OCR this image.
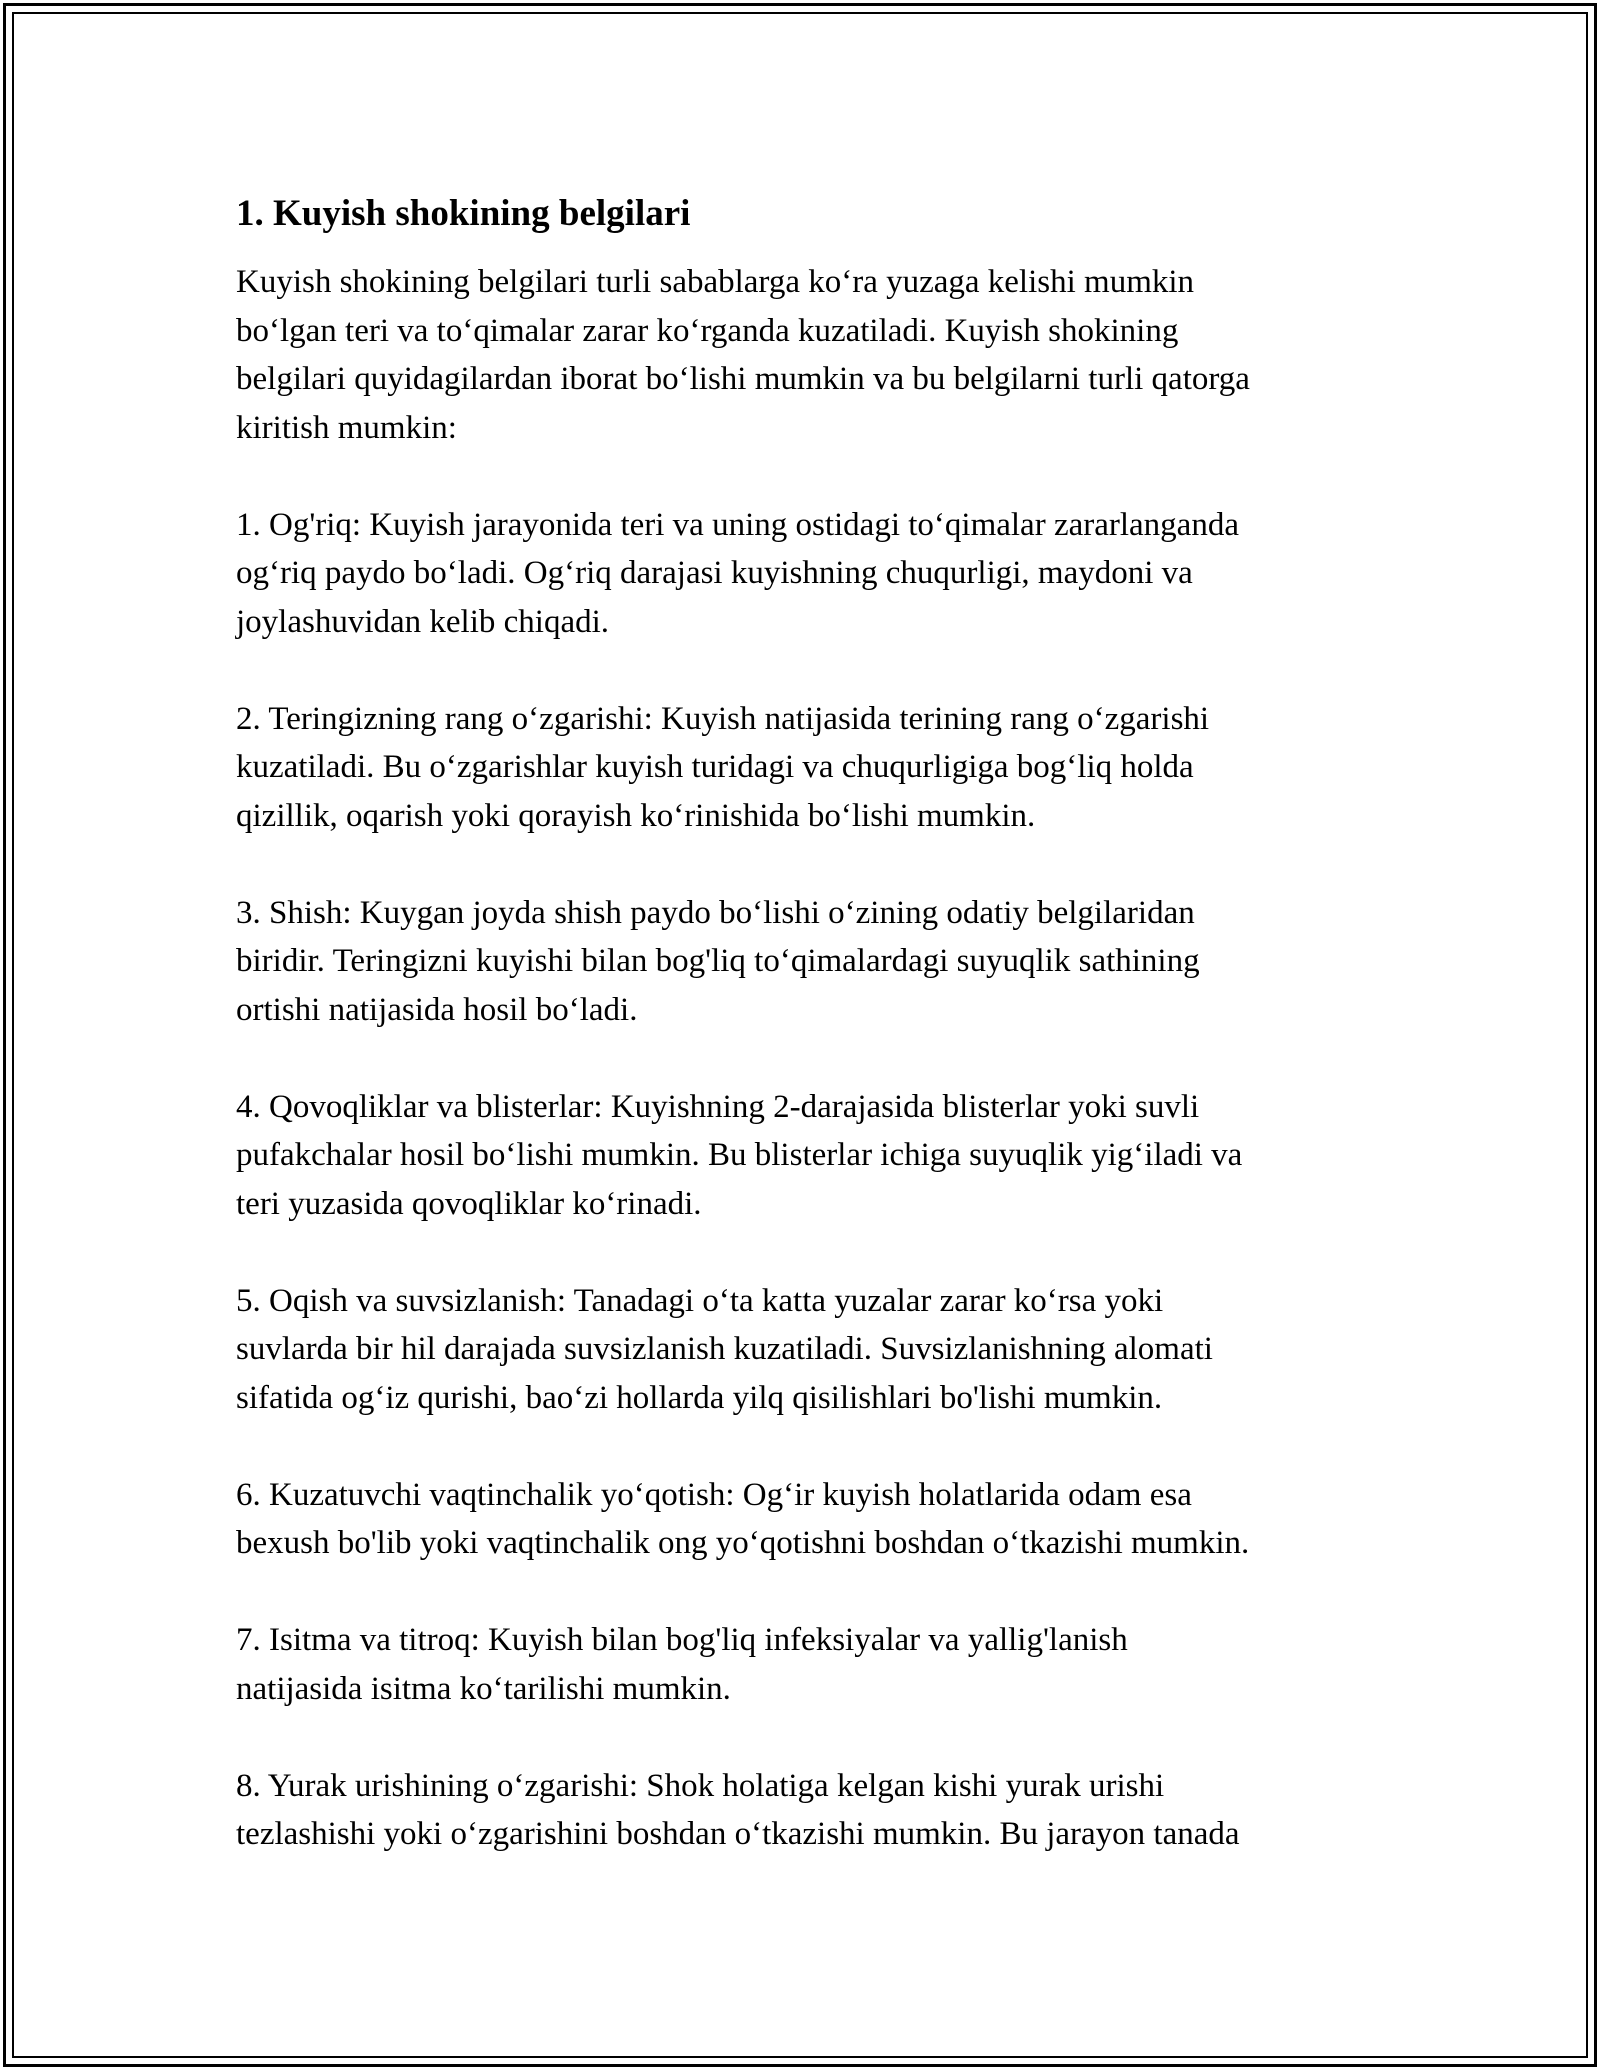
1. Kuyish shokining belgilari

Kuyish shokining belgilari turli sabablarga koʻra yuzaga kelishi mumkin
boʻlgan teri va toʻqimalar zarar koʻrganda kuzatiladi. Kuyish shokining
belgilari quyidagilardan iborat boʻlishi mumkin va bu belgilarni turli qatorga
kiritish mumkin:

1. Og'riq: Kuyish jarayonida teri va uning ostidagi toʻqimalar zararlanganda
ogʻriq paydo boʻladi. Ogʻriq darajasi kuyishning chuqurligi, maydoni va
joylashuvidan kelib chiqadi.

2. Teringizning rang oʻzgarishi: Kuyish natijasida terining rang oʻzgarishi
kuzatiladi. Bu oʻzgarishlar kuyish turidagi va chuqurligiga bogʻliq holda
qizillik, oqarish yoki qorayish koʻrinishida boʻlishi mumkin.

3. Shish: Kuygan joyda shish paydo boʻlishi oʻzining odatiy belgilaridan
biridir. Teringizni kuyishi bilan bog'liq toʻqimalardagi suyuqlik sathining
ortishi natijasida hosil boʻladi.

4. Qovoqliklar va blisterlar: Kuyishning 2-darajasida blisterlar yoki suvli
pufakchalar hosil boʻlishi mumkin. Bu blisterlar ichiga suyuqlik yigʻiladi va
teri yuzasida qovoqliklar koʻrinadi.

5. Oqish va suvsizlanish: Tanadagi oʻta katta yuzalar zarar koʻrsa yoki
suvlarda bir hil darajada suvsizlanish kuzatiladi. Suvsizlanishning alomati
sifatida ogʻiz qurishi, baoʻzi hollarda yilq qisilishlari bo'lishi mumkin.

6. Kuzatuvchi vaqtinchalik yoʻqotish: Ogʻir kuyish holatlarida odam esa
bexush bo'lib yoki vaqtinchalik ong yoʻqotishni boshdan oʻtkazishi mumkin.

7. Isitma va titroq: Kuyish bilan bog'liq infeksiyalar va yallig'lanish
natijasida isitma koʻtarilishi mumkin.

8. Yurak urishining oʻzgarishi: Shok holatiga kelgan kishi yurak urishi
tezlashishi yoki oʻzgarishini boshdan oʻtkazishi mumkin. Bu jarayon tanada
